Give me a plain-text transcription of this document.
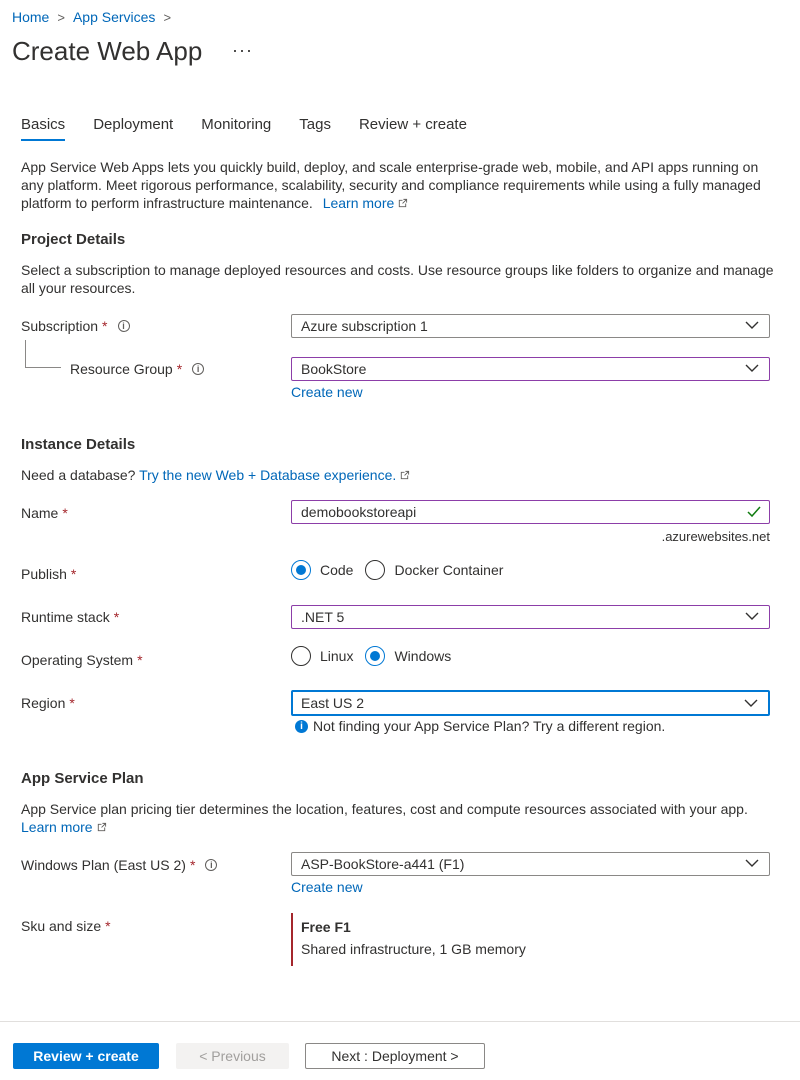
Home > App Services >
Create Web App ···
Basics Deployment Monitoring Tags Review + create
App Service Web Apps lets you quickly build, deploy, and scale enterprise-grade web, mobile, and API apps running on any platform. Meet rigorous performance, scalability, security and compliance requirements while using a fully managed platform to perform infrastructure maintenance. Learn more
Project Details
Select a subscription to manage deployed resources and costs. Use resource groups like folders to organize and manage all your resources.
Subscription *	i	Azure subscription 1
Resource Group *	i	BookStore
Create new
Instance Details
Need a database? Try the new Web + Database experience.
Name *	demobookstoreapi
.azurewebsites.net
Publish *	Code	Docker Container
Runtime stack *	.NET 5
Operating System *	Linux	Windows
Region *	East US 2
i Not finding your App Service Plan? Try a different region.
App Service Plan
App Service plan pricing tier determines the location, features, cost and compute resources associated with your app.
Learn more
Windows Plan (East US 2) *	i	ASP-BookStore-a441 (F1)
Create new
Sku and size *	Free F1
Shared infrastructure, 1 GB memory
Review + create	< Previous	Next : Deployment >
